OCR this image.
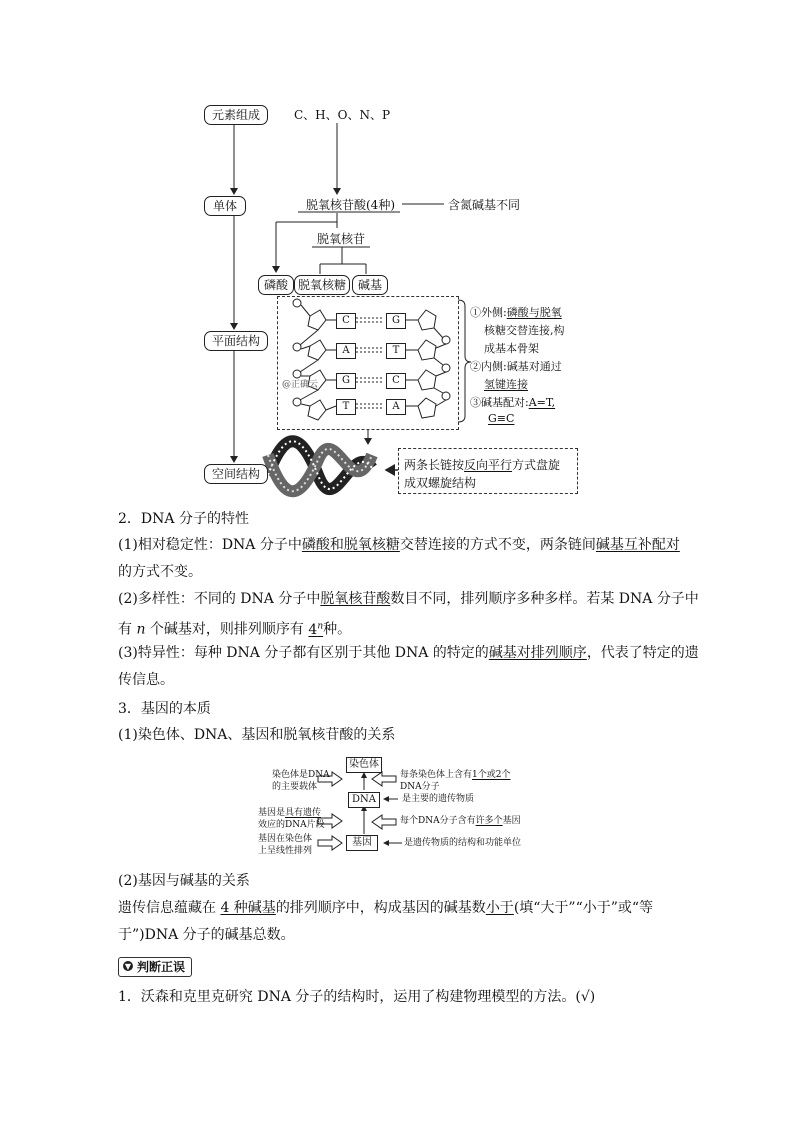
元素组成
单体
平面结构
空间结构
C、H、O、N、P
脱氧核苷酸(4种)	含氮碱基不同
脱氧核苷
磷酸 脱氧核糖 碱基
C	G
A	T
G	C
T	A
@正确云
①外侧:磷酸与脱氧
核糖交替连接,构
成基本骨架
②内侧:碱基对通过
氢键连接
③碱基配对:A=T,
G≡C
两条长链按反向平行方式盘旋
成双螺旋结构
2．DNA 分子的特性
(1)相对稳定性：DNA 分子中磷酸和脱氧核糖交替连接的方式不变，两条链间碱基互补配对
的方式不变。
(2)多样性：不同的 DNA 分子中脱氧核苷酸数目不同，排列顺序多种多样。若某 DNA 分子中
有 n 个碱基对，则排列顺序有 4$^n$种。
(3)特异性：每种 DNA 分子都有区别于其他 DNA 的特定的碱基对排列顺序，代表了特定的遗
传信息。
3．基因的本质
(1)染色体、DNA、基因和脱氧核苷酸的关系
染色体
DNA
基因
染色体是DNA
的主要载体
每条染色体上含有1个或2个
DNA分子
是主要的遗传物质
基因是具有遗传
效应的DNA片段	每个DNA分子含有许多个基因
基因在染色体
上呈线性排列
是遗传物质的结构和功能单位
(2)基因与碱基的关系
遗传信息蕴藏在 4 种碱基的排列顺序中，构成基因的碱基数小于(填“大于”“小于”或“等
于”)DNA 分子的碱基总数。
▼ 判断正误
1．沃森和克里克研究 DNA 分子的结构时，运用了构建物理模型的方法。(√)
